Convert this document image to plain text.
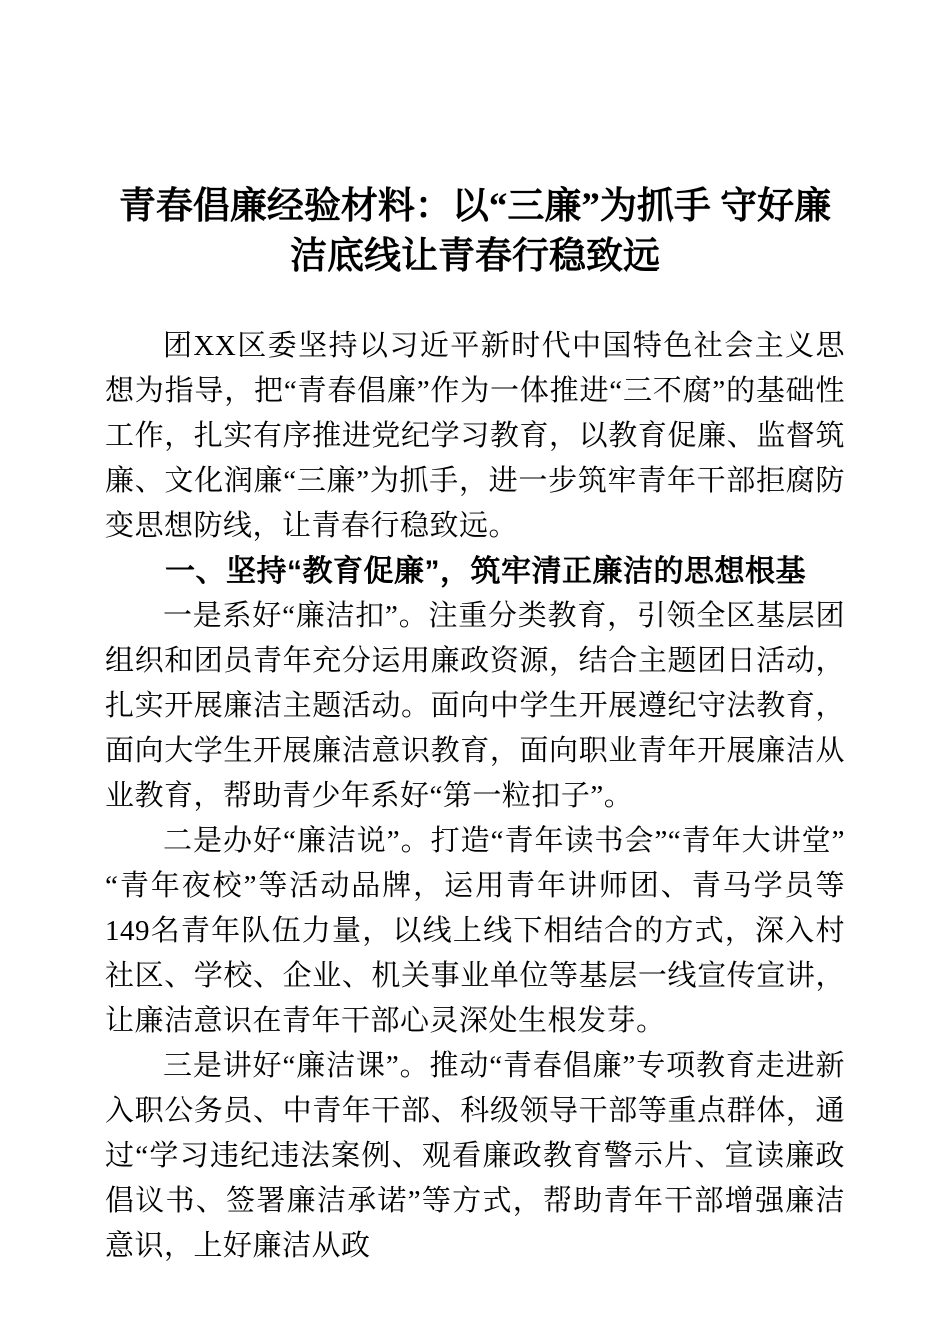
青春倡廉经验材料：以“三廉”为抓手 守好廉洁底线让青春行稳致远

团XX区委坚持以习近平新时代中国特色社会主义思想为指导，把“青春倡廉”作为一体推进“三不腐”的基础性工作，扎实有序推进党纪学习教育，以教育促廉、监督筑廉、文化润廉“三廉”为抓手，进一步筑牢青年干部拒腐防变思想防线，让青春行稳致远。

一、坚持“教育促廉”，筑牢清正廉洁的思想根基

一是系好“廉洁扣”。注重分类教育，引领全区基层团组织和团员青年充分运用廉政资源，结合主题团日活动，扎实开展廉洁主题活动。面向中学生开展遵纪守法教育，面向大学生开展廉洁意识教育，面向职业青年开展廉洁从业教育，帮助青少年系好“第一粒扣子”。

二是办好“廉洁说”。打造“青年读书会”“青年大讲堂”“青年夜校”等活动品牌，运用青年讲师团、青马学员等149名青年队伍力量，以线上线下相结合的方式，深入村社区、学校、企业、机关事业单位等基层一线宣传宣讲，让廉洁意识在青年干部心灵深处生根发芽。

三是讲好“廉洁课”。推动“青春倡廉”专项教育走进新入职公务员、中青年干部、科级领导干部等重点群体，通过“学习违纪违法案例、观看廉政教育警示片、宣读廉政倡议书、签署廉洁承诺”等方式，帮助青年干部增强廉洁意识，上好廉洁从政
